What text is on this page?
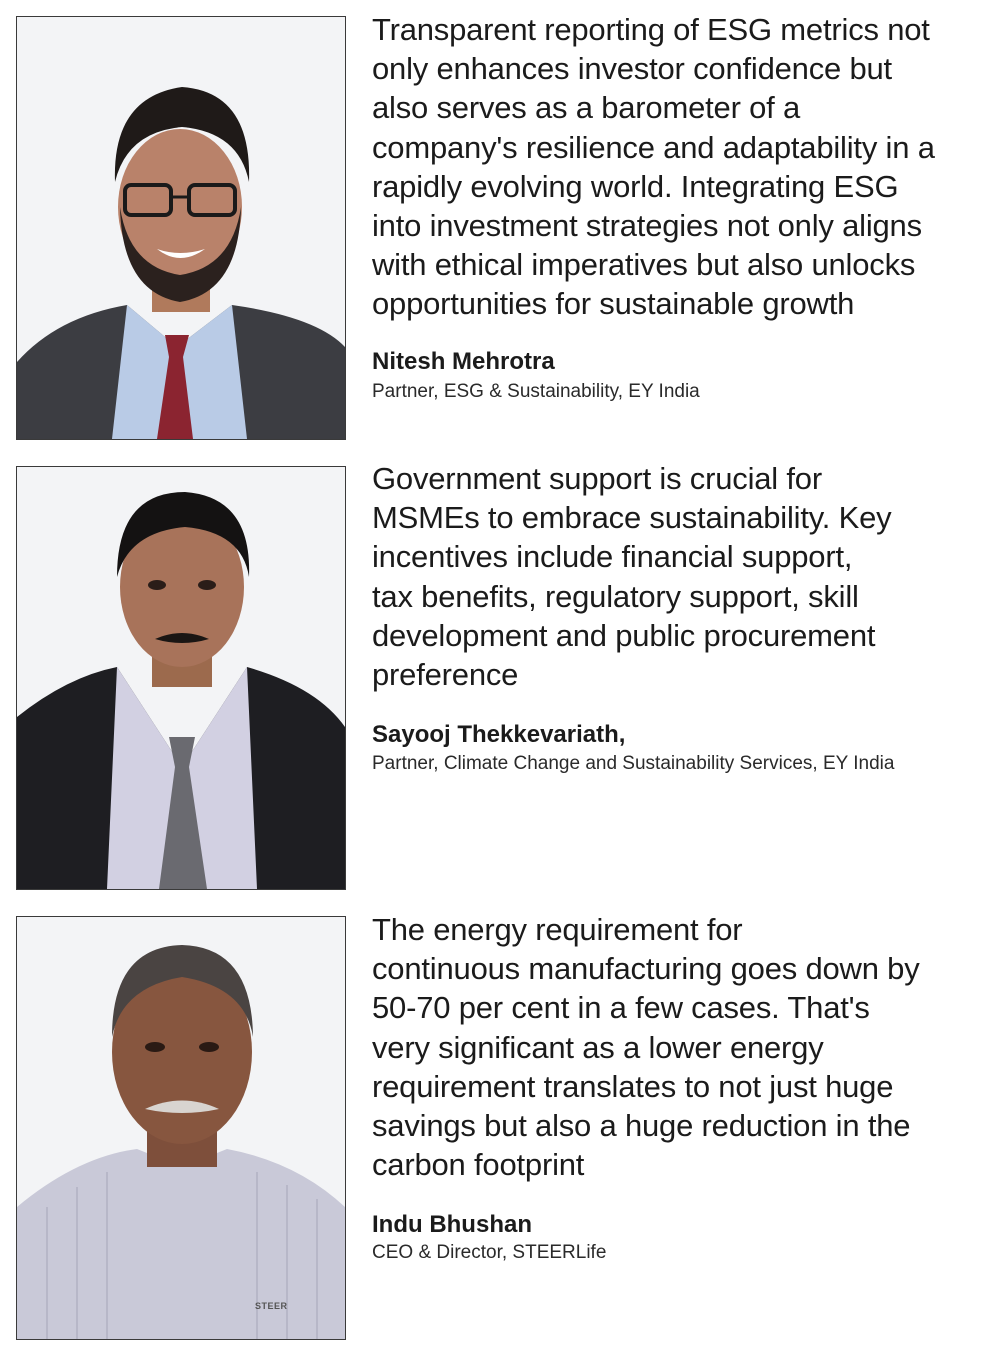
Transparent reporting of ESG metrics not
only enhances investor confidence but
also serves as a barometer of a
company's resilience and adaptability in a
rapidly evolving world. Integrating ESG
into investment strategies not only aligns
with ethical imperatives but also unlocks
opportunities for sustainable growth

Nitesh Mehrotra

Partner, ESG & Sustainability, EY India

Government support is crucial for
MSMEs to embrace sustainability. Key
incentives include financial support,
tax benefits, regulatory support, skill
development and public procurement
preference

Sayooj Thekkevariath,

Partner, Climate Change and Sustainability Services, EY India

STEER

The energy requirement for
continuous manufacturing goes down by
50-70 per cent in a few cases. That's
very significant as a lower energy
requirement translates to not just huge
savings but also a huge reduction in the
carbon footprint

Indu Bhushan

CEO & Director, STEERLife
